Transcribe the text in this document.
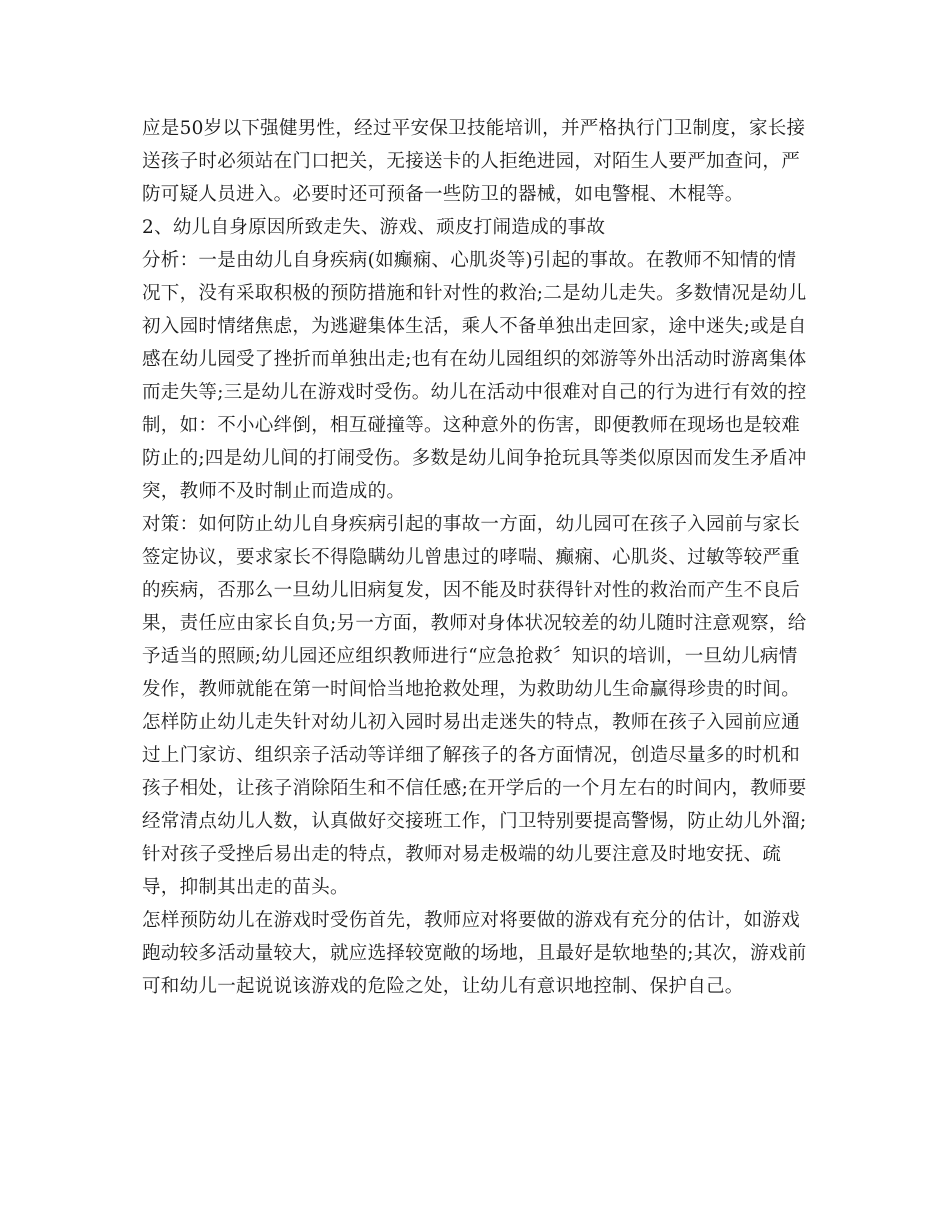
应是50岁以下强健男性，经过平安保卫技能培训，并严格执行门卫制度，家长接
送孩子时必须站在门口把关，无接送卡的人拒绝进园，对陌生人要严加查问，严
防可疑人员进入。必要时还可预备一些防卫的器械，如电警棍、木棍等。
2、幼儿自身原因所致走失、游戏、顽皮打闹造成的事故
分析：一是由幼儿自身疾病(如癫痫、心肌炎等)引起的事故。在教师不知情的情
况下，没有采取积极的预防措施和针对性的救治;二是幼儿走失。多数情况是幼儿
初入园时情绪焦虑，为逃避集体生活，乘人不备单独出走回家，途中迷失;或是自
感在幼儿园受了挫折而单独出走;也有在幼儿园组织的郊游等外出活动时游离集体
而走失等;三是幼儿在游戏时受伤。幼儿在活动中很难对自己的行为进行有效的控
制，如：不小心绊倒，相互碰撞等。这种意外的伤害，即便教师在现场也是较难
防止的;四是幼儿间的打闹受伤。多数是幼儿间争抢玩具等类似原因而发生矛盾冲
突，教师不及时制止而造成的。
对策：如何防止幼儿自身疾病引起的事故一方面，幼儿园可在孩子入园前与家长
签定协议，要求家长不得隐瞒幼儿曾患过的哮喘、癫痫、心肌炎、过敏等较严重
的疾病，否那么一旦幼儿旧病复发，因不能及时获得针对性的救治而产生不良后
果，责任应由家长自负;另一方面，教师对身体状况较差的幼儿随时注意观察，给
予适当的照顾;幼儿园还应组织教师进行“应急抢救〞知识的培训，一旦幼儿病情
发作，教师就能在第一时间恰当地抢救处理，为救助幼儿生命赢得珍贵的时间。
怎样防止幼儿走失针对幼儿初入园时易出走迷失的特点，教师在孩子入园前应通
过上门家访、组织亲子活动等详细了解孩子的各方面情况，创造尽量多的时机和
孩子相处，让孩子消除陌生和不信任感;在开学后的一个月左右的时间内，教师要
经常清点幼儿人数，认真做好交接班工作，门卫特别要提高警惕，防止幼儿外溜;
针对孩子受挫后易出走的特点，教师对易走极端的幼儿要注意及时地安抚、疏
导，抑制其出走的苗头。
怎样预防幼儿在游戏时受伤首先，教师应对将要做的游戏有充分的估计，如游戏
跑动较多活动量较大，就应选择较宽敞的场地，且最好是软地垫的;其次，游戏前
可和幼儿一起说说该游戏的危险之处，让幼儿有意识地控制、保护自己。
